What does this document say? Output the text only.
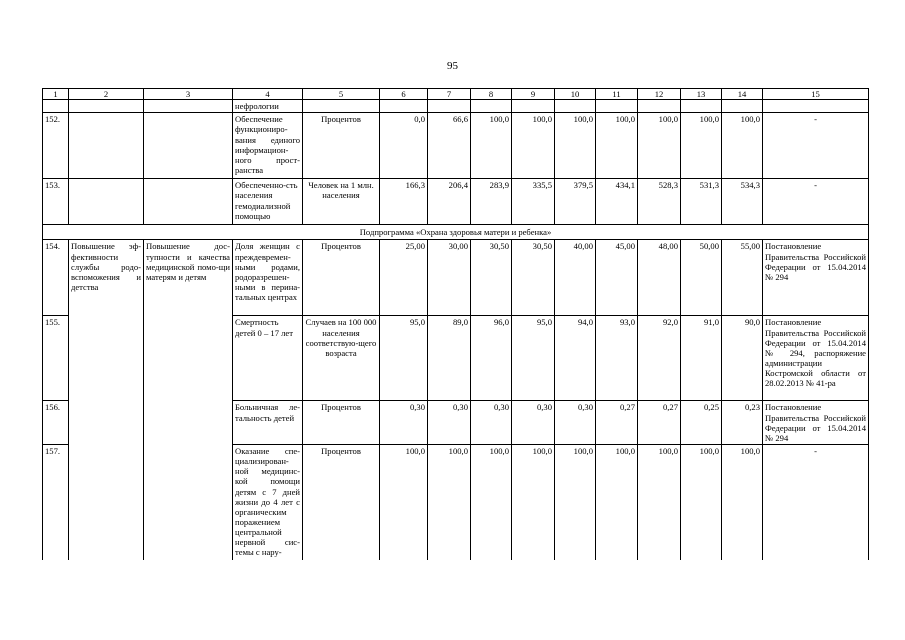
95
1	2	3	4	5	6	7	8	9	10	11	12	13	14	15
			нефрологии											
152.			Обеспечение функциониро-вания единого информацион-ного прост-ранства	Процентов	0,0	66,6	100,0	100,0	100,0	100,0	100,0	100,0	100,0	-
153.			Обеспеченно-сть населения гемодиализной помощью	Человек на 1 млн. населения	166,3	206,4	283,9	335,5	379,5	434,1	528,3	531,3	534,3	-
Подпрограмма «Охрана здоровья матери и ребенка»														
154.	Повышение эф-фективности службы родо-вспоможения и детства	Повышение дос-тупности и качества медицинской помо-щи матерям и детям	Доля женщин с преждевремен-ными родами, родоразрешен-ными в перина-тальных центрах	Процентов	25,00	30,00	30,50	30,50	40,00	45,00	48,00	50,00	55,00	Постановление Правительства Российской Федерации от 15.04.2014 № 294
155.			Смертность детей 0 – 17 лет	Случаев на 100 000 населения соответствую-щего возраста	95,0	89,0	96,0	95,0	94,0	93,0	92,0	91,0	90,0	Постановление Правительства Российской Федерации от 15.04.2014 № 294, распоряжение администрации Костромской области от 28.02.2013 № 41-ра
156.			Больничная ле-тальность детей	Процентов	0,30	0,30	0,30	0,30	0,30	0,27	0,27	0,25	0,23	Постановление Правительства Российской Федерации от 15.04.2014 № 294
157.			Оказание спе-циализирован-ной медицинс-кой помощи детям с 7 дней жизни до 4 лет с органическим поражением центральной нервной сис-темы с нару-	Процентов	100,0	100,0	100,0	100,0	100,0	100,0	100,0	100,0	100,0	-
